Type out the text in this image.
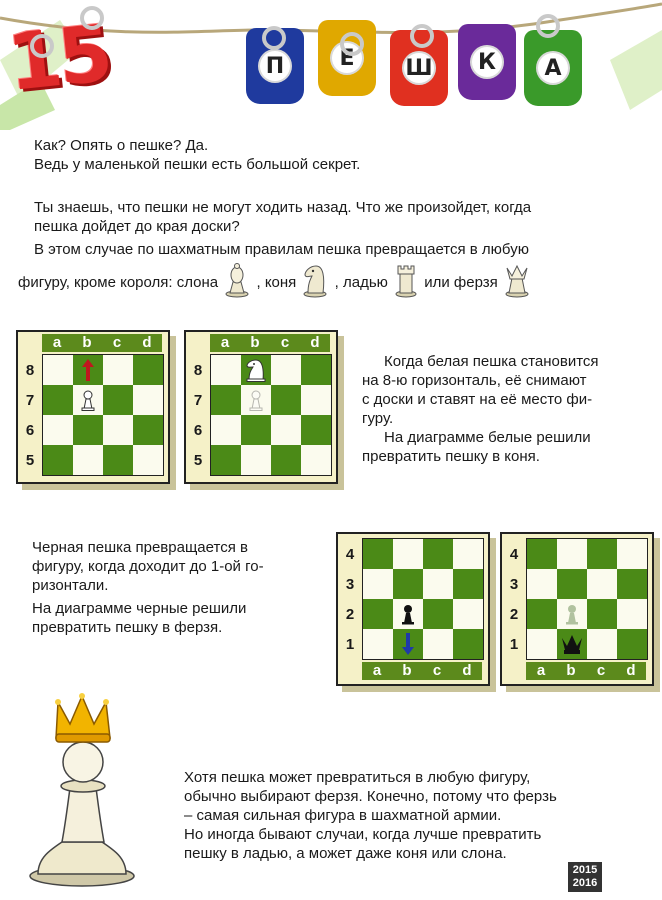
15	П	Е	Ш	К	А
Как? Опять о пешке? Да.
Ведь у маленькой пешки есть большой секрет.
Ты знаешь, что пешки не могут ходить назад. Что же произойдет, когда
пешка дойдет до края доски?
В этом случае по шахматным правилам пешка превращается в любую
фигуру, кроме короля: слона	, коня	, ладью или ферзя
a	b	c	d
8
7
6
5
a	b	c	d
8
7
6
5
Когда белая пешка становится
на 8-ю горизонталь, её снимают
с доски и ставят на её место фи-
гуру.
На диаграмме белые решили
превратить пешку в коня.
Черная пешка превращается в
фигуру, когда доходит до 1-ой го-
ризонтали.
На диаграмме черные решили
превратить пешку в ферзя.
4
3
2
1
a	b	c	d
4
3
2
1
a	b	c	d
Хотя пешка может превратиться в любую фигуру,
обычно выбирают ферзя. Конечно, потому что ферзь
– самая сильная фигура в шахматной армии.
Но иногда бывают случаи, когда лучше превратить
пешку в ладью, а может даже коня или слона.
2015
2016
